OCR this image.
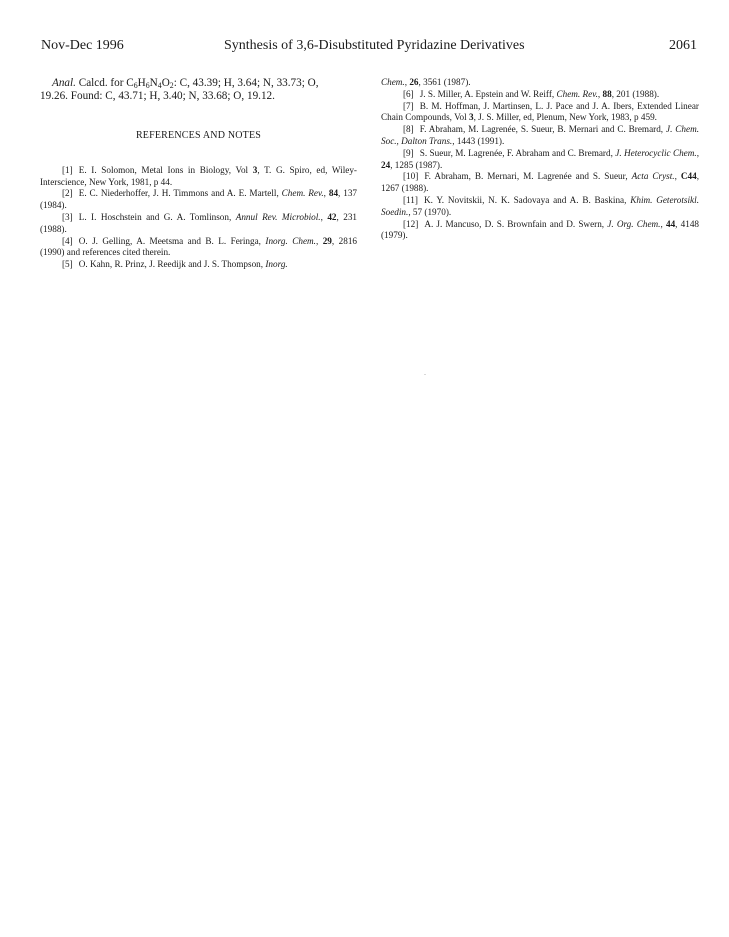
Nov-Dec 1996	Synthesis of 3,6-Disubstituted Pyridazine Derivatives	2061

Anal. Calcd. for $C_6H_6N_4O_2$: C, 43.39; H, 3.64; N, 33.73; O,

19.26. Found: C, 43.71; H, 3.40; N, 33.68; O, 19.12.

REFERENCES AND NOTES

[1] E. I. Solomon, Metal Ions in Biology, Vol 3, T. G. Spiro, ed, Wiley-Interscience, New York, 1981, p 44.

[2] E. C. Niederhoffer, J. H. Timmons and A. E. Martell, Chem. Rev., 84, 137 (1984).

[3] L. I. Hoschstein and G. A. Tomlinson, Annul Rev. Microbiol., 42, 231 (1988).

[4] O. J. Gelling, A. Meetsma and B. L. Feringa, Inorg. Chem., 29, 2816 (1990) and references cited therein.

[5] O. Kahn, R. Prinz, J. Reedijk and J. S. Thompson, Inorg.

Chem., 26, 3561 (1987).

[6] J. S. Miller, A. Epstein and W. Reiff, Chem. Rev., 88, 201 (1988).

[7] B. M. Hoffman, J. Martinsen, L. J. Pace and J. A. Ibers, Extended Linear Chain Compounds, Vol 3, J. S. Miller, ed, Plenum, New York, 1983, p 459.

[8] F. Abraham, M. Lagrenée, S. Sueur, B. Mernari and C. Bremard, J. Chem. Soc., Dalton Trans., 1443 (1991).

[9] S. Sueur, M. Lagrenée, F. Abraham and C. Bremard, J. Heterocyclic Chem., 24, 1285 (1987).

[10] F. Abraham, B. Mernari, M. Lagrenée and S. Sueur, Acta Cryst., C44, 1267 (1988).

[11] K. Y. Novitskii, N. K. Sadovaya and A. B. Baskina, Khim. Geterotsikl. Soedin., 57 (1970).

[12] A. J. Mancuso, D. S. Brownfain and D. Swern, J. Org. Chem., 44, 4148 (1979).
